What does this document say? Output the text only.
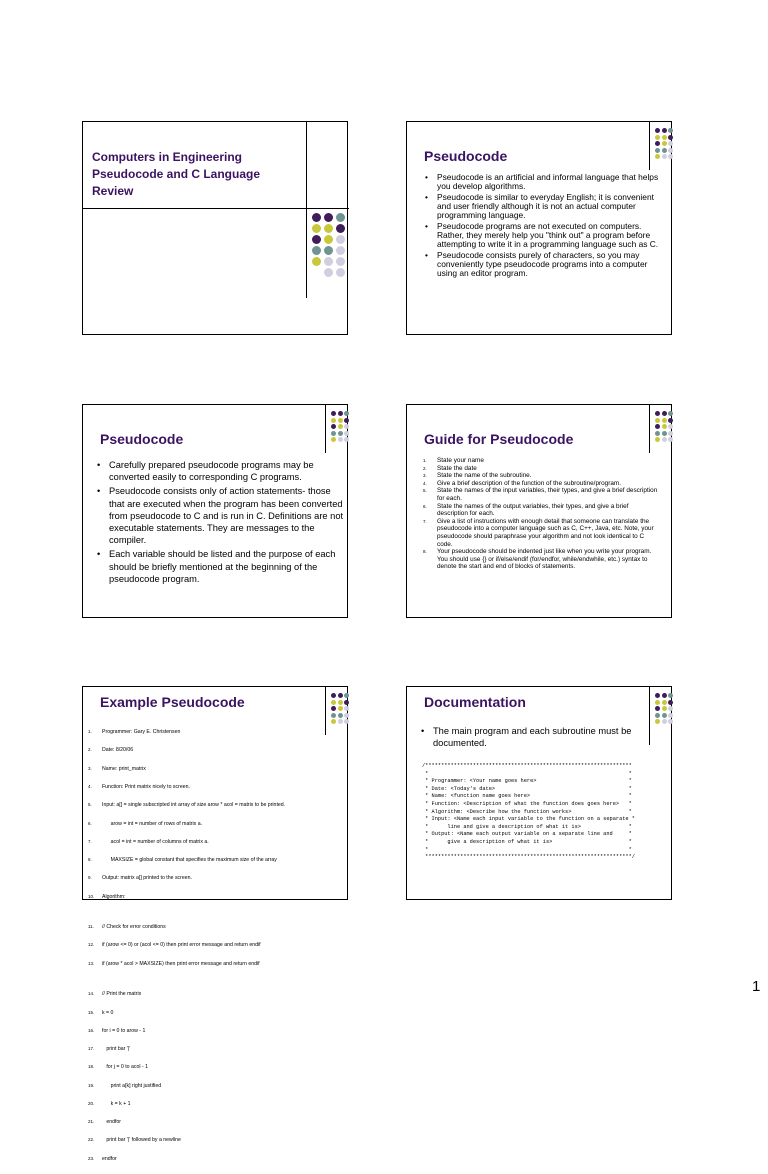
Computers in Engineering
Pseudocode and C Language
Review
Pseudocode
• Pseudocode is an artificial and informal language that helps you develop algorithms.
• Pseudocode is similar to everyday English; it is convenient and user friendly although it is not an actual computer programming language.
• Pseudocode programs are not executed on computers. Rather, they merely help you "think out" a program before attempting to write it in a programming language such as C.
• Pseudocode consists purely of characters, so you may conveniently type pseudocode programs into a computer using an editor program.
Pseudocode
• Carefully prepared pseudocode programs may be converted easily to corresponding C programs.
• Pseudocode consists only of action statements- those that are executed when the program has been converted from pseudocode to C and is run in C. Definitions are not executable statements. They are messages to the compiler.
• Each variable should be listed and the purpose of each should be briefly mentioned at the beginning of the pseudocode program.
Guide for Pseudocode
1. State your name
2. State the date
3. State the name of the subroutine.
4. Give a brief description of the function of the subroutine/program.
5. State the names of the input variables, their types, and give a brief description for each.
6. State the names of the output variables, their types, and give a brief description for each.
7. Give a list of instructions with enough detail that someone can translate the pseudocode into a computer language such as C, C++, Java, etc. Note, your pseudocode should paraphrase your algorithm and not look identical to C code.
8. Your pseudocode should be indented just like when you write your program. You should use {} or if/else/endif (for/endfor, while/endwhile, etc.) syntax to denote the start and end of blocks of statements.
Example Pseudocode

1. Programmer: Gary E. Christensen

2. Date: 8/20/06

3. Name: print_matrix

4. Function: Print matrix nicely to screen.

5. Input: a[] = single subscripted int array of size arow * acol = matrix to be printed.

6. arow = int = number of rows of matrix a.

7. acol = int = number of columns of matrix a.

8. MAXSIZE = global constant that specifies the maximum size of the array

9. Output: matrix a[] printed to the screen.

10. Algorithm:

11. // Check for error conditions

12. if (arow <= 0) or (acol <= 0) then print error message and return endif

13. if (arow * acol > MAXSIZE) then print error message and return endif

14. // Print the matrix

15. k = 0

16. for i = 0 to arow - 1

17. print bar '|'

18. for j = 0 to acol - 1

19. print a[k] right justified

20. k = k + 1

21. endfor

22. print bar '|' followed by a newline

23. endfor

Documentation
• The main program and each subroutine must be documented.
/*****************************************************************
*                                                               *
* Programmer: <Your name goes here>                             *
* Date: <Today's date>                                          *
* Name: <function name goes here>                               *
* Function: <Description of what the function does goes here>   *
* Algorithm: <Describe how the function works>                  *
* Input: <Name each input variable to the function on a separate *
*      line and give a description of what it is>               *
* Output: <Name each output variable on a separate line and     *
*      give a description of what it is>                        *
*                                                               *
*****************************************************************/
1
